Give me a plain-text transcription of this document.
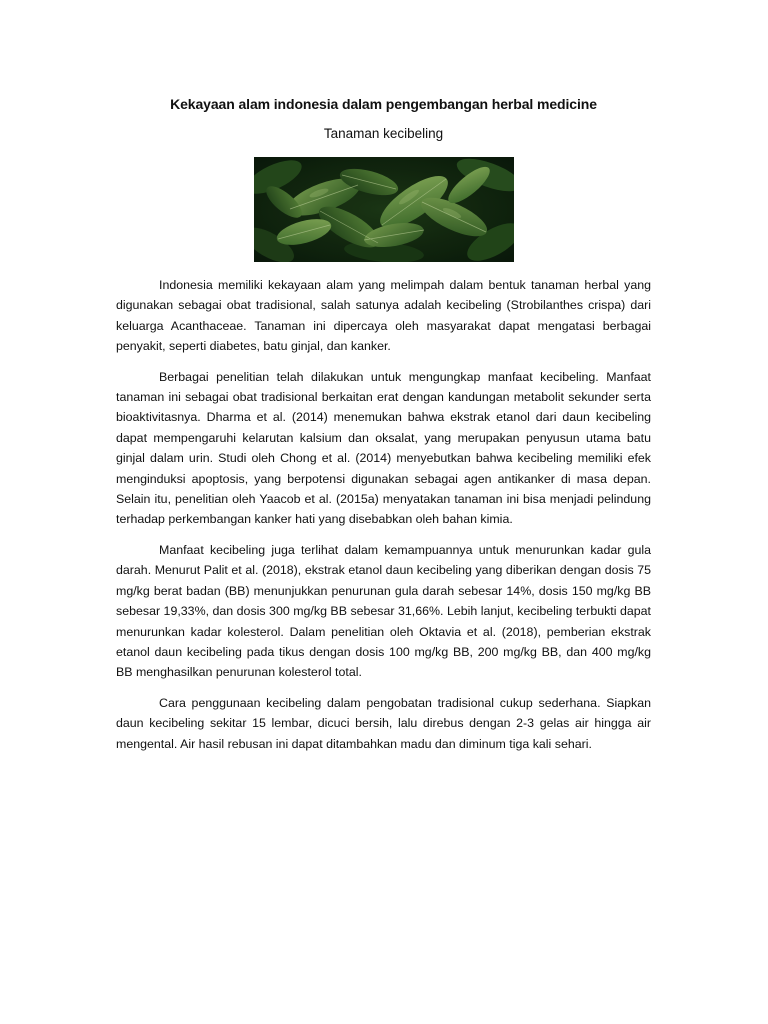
Kekayaan alam indonesia dalam pengembangan herbal medicine

Tanaman kecibeling

Indonesia memiliki kekayaan alam yang melimpah dalam bentuk tanaman herbal yang digunakan sebagai obat tradisional, salah satunya adalah kecibeling (Strobilanthes crispa) dari keluarga Acanthaceae. Tanaman ini dipercaya oleh masyarakat dapat mengatasi berbagai penyakit, seperti diabetes, batu ginjal, dan kanker.

Berbagai penelitian telah dilakukan untuk mengungkap manfaat kecibeling. Manfaat tanaman ini sebagai obat tradisional berkaitan erat dengan kandungan metabolit sekunder serta bioaktivitasnya. Dharma et al. (2014) menemukan bahwa ekstrak etanol dari daun kecibeling dapat mempengaruhi kelarutan kalsium dan oksalat, yang merupakan penyusun utama batu ginjal dalam urin. Studi oleh Chong et al. (2014) menyebutkan bahwa kecibeling memiliki efek menginduksi apoptosis, yang berpotensi digunakan sebagai agen antikanker di masa depan. Selain itu, penelitian oleh Yaacob et al. (2015a) menyatakan tanaman ini bisa menjadi pelindung terhadap perkembangan kanker hati yang disebabkan oleh bahan kimia.

Manfaat kecibeling juga terlihat dalam kemampuannya untuk menurunkan kadar gula darah. Menurut Palit et al. (2018), ekstrak etanol daun kecibeling yang diberikan dengan dosis 75 mg/kg berat badan (BB) menunjukkan penurunan gula darah sebesar 14%, dosis 150 mg/kg BB sebesar 19,33%, dan dosis 300 mg/kg BB sebesar 31,66%. Lebih lanjut, kecibeling terbukti dapat menurunkan kadar kolesterol. Dalam penelitian oleh Oktavia et al. (2018), pemberian ekstrak etanol daun kecibeling pada tikus dengan dosis 100 mg/kg BB, 200 mg/kg BB, dan 400 mg/kg BB menghasilkan penurunan kolesterol total.

Cara penggunaan kecibeling dalam pengobatan tradisional cukup sederhana. Siapkan daun kecibeling sekitar 15 lembar, dicuci bersih, lalu direbus dengan 2-3 gelas air hingga air mengental. Air hasil rebusan ini dapat ditambahkan madu dan diminum tiga kali sehari.
